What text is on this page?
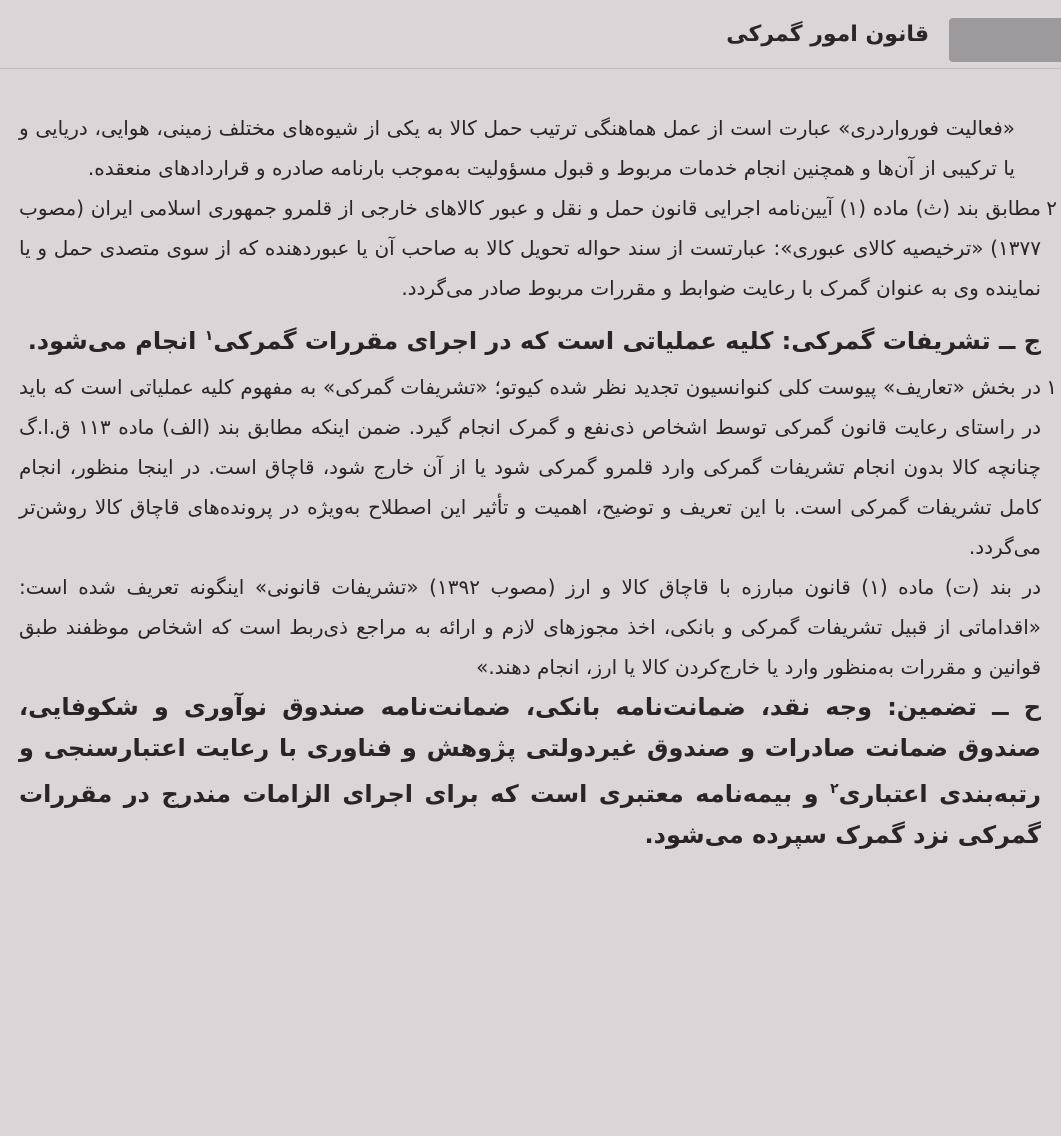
قانون امور گمرکی

«فعالیت فورواردری» عبارت است از عمل هماهنگی ترتیب حمل کالا به یکی از شیوه‌های مختلف زمینی، هوایی، دریایی و یا ترکیبی از آن‌ها و همچنین انجام خدمات مربوط و قبول مسؤولیت به‌موجب بارنامه صادره و قراردادهای منعقده.

۲

مطابق بند (ث) ماده (۱) آیین‌نامه اجرایی قانون حمل و نقل و عبور کالاهای خارجی از قلمرو جمهوری اسلامی ایران (مصوب ۱۳۷۷) «ترخیصیه کالای عبوری»: عبارتست از سند حواله تحویل کالا به صاحب آن یا عبوردهنده که از سوی متصدی حمل و یا نماینده وی به عنوان گمرک با رعایت ضوابط و مقررات مربوط صادر می‌گردد.

ج ــ تشریفات گمرکی: کلیه عملیاتی است که در اجرای مقررات گمرکی$^۱$ انجام می‌شود.
۱

در بخش «تعاریف» پیوست کلی کنوانسیون تجدید نظر شده کیوتو؛ «تشریفات گمرکی» به مفهوم کلیه عملیاتی است که باید در راستای رعایت قانون گمرکی توسط اشخاص ذی‌نفع و گمرک انجام گیرد. ضمن اینکه مطابق بند (الف) ماده ۱۱۳ ق.ا.گ چنانچه کالا بدون انجام تشریفات گمرکی وارد قلمرو گمرکی شود یا از آن خارج شود، قاچاق است. در اینجا منظور، انجام کامل تشریفات گمرکی است. با این تعریف و توضیح، اهمیت و تأثیر این اصطلاح به‌ویژه در پرونده‌های قاچاق کالا روشن‌تر می‌گردد.

در بند (ت) ماده (۱) قانون مبارزه با قاچاق کالا و ارز (مصوب ۱۳۹۲) «تشریفات قانونی» اینگونه تعریف شده است: «اقداماتی از قبیل تشریفات گمرکی و بانکی، اخذ مجوزهای لازم و ارائه به مراجع ذی‌ربط است که اشخاص موظفند طبق قوانین و مقررات به‌منظور وارد یا خارج‌کردن کالا یا ارز، انجام دهند.»

ح ــ تضمین: وجه نقد، ضمانت‌نامه بانکی، ضمانت‌نامه صندوق نوآوری و شکوفایی، صندوق ضمانت صادرات و صندوق غیردولتی پژوهش و فناوری با رعایت اعتبارسنجی و رتبه‌بندی اعتباری$^۲$ و بیمه‌نامه معتبری است که برای اجرای الزامات مندرج در مقررات گمرکی نزد گمرک سپرده می‌شود.
